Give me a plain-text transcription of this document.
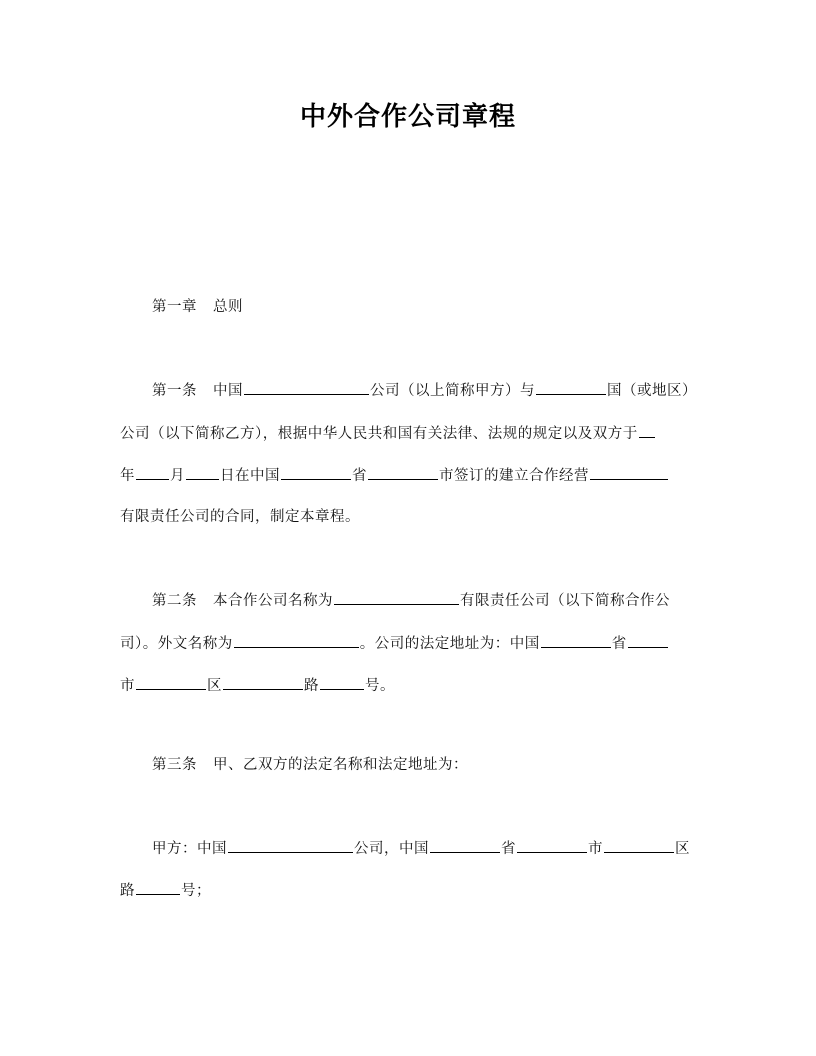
中外合作公司章程
第一章 总则
第一条 中国	公司（以上简称甲方）与	国（或地区）
公司（以下简称乙方），根据中华人民共和国有关法律、法规的规定以及双方于
年 月 日在中国	省	市签订的建立合作经营
有限责任公司的合同，制定本章程。
第二条 本合作公司名称为	有限责任公司（以下简称合作公
司）。外文名称为	。公司的法定地址为：中国	省
市	区	路	号。
第三条 甲、乙双方的法定名称和法定地址为：
甲方：中国	公司，中国	省	市	区
路	号；
